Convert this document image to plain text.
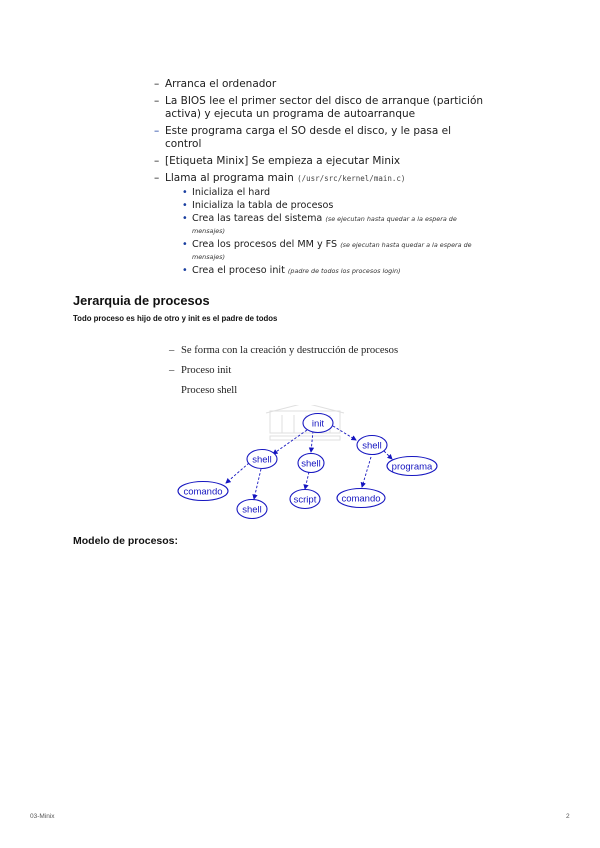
– Arranca el ordenador
– La BIOS lee el primer sector del disco de arranque (partición activa) y ejecuta un programa de autoarranque
– Este programa carga el SO desde el disco, y le pasa el control
– [Etiqueta Minix] Se empieza a ejecutar Minix
– Llama al programa main (/usr/src/kernel/main.c)
• Inicializa el hard
• Inicializa la tabla de procesos
• Crea las tareas del sistema (se ejecutan hasta quedar a la espera de mensajes)
• Crea los procesos del MM y FS (se ejecutan hasta quedar a la espera de mensajes)
• Crea el proceso init (padre de todos los procesos login)
Jerarquia de procesos

Todo proceso es hijo de otro y init es el padre de todos

– Se forma con la creación y destrucción de procesos
– Proceso init
Proceso shell
init
shell	shell
shell
programa
comando
shell
script	comando
Modelo de procesos:

03-Minix	2
